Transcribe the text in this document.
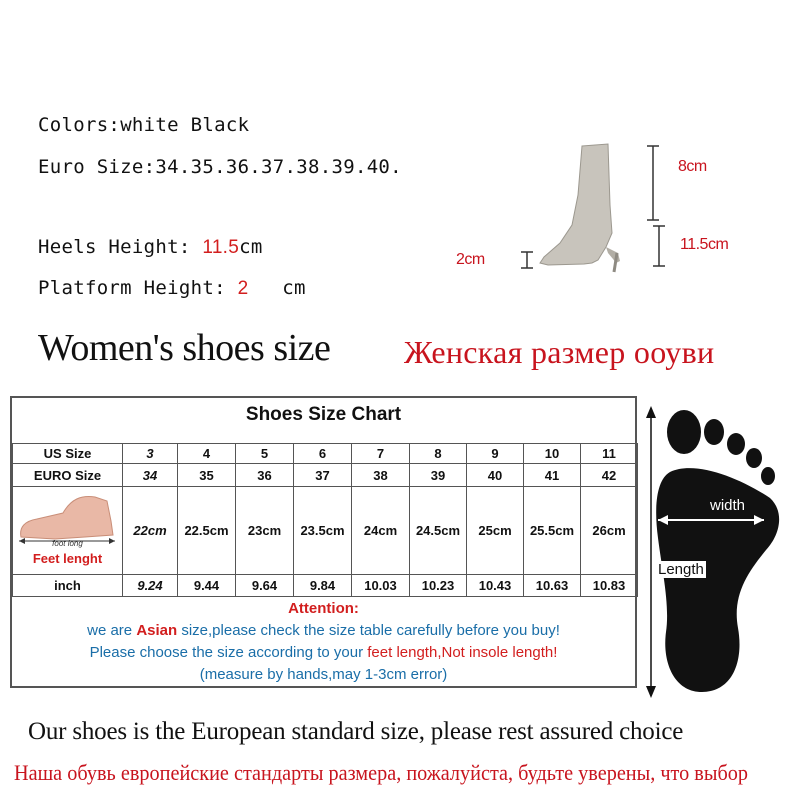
Colors:white Black
Euro Size:34.35.36.37.38.39.40.
Heels Height: 11.5cm
Platform Height: 2 cm
8cm
11.5cm
2cm
Women's shoes size Женская размер ооуви
Shoes Size Chart
US Size	3	4	5	6	7	8	9	10	11
EURO Size	34	35	36	37	38	39	40	41	42

foot long
Feet lenght	22cm	22.5cm	23cm	23.5cm	24cm	24.5cm	25cm	25.5cm	26cm
inch	9.24	9.44	9.64	9.84	10.03	10.23	10.43	10.63	10.83
Attention:
we are Asian size,please check the size table carefully before you buy!
Please choose the size according to your feet length,Not insole length!
(measure by hands,may 1-3cm error)
width
Length
Our shoes is the European standard size, please rest assured choice
Наша обувь европейские стандарты размера, пожалуйста, будьте уверены, что выбор
